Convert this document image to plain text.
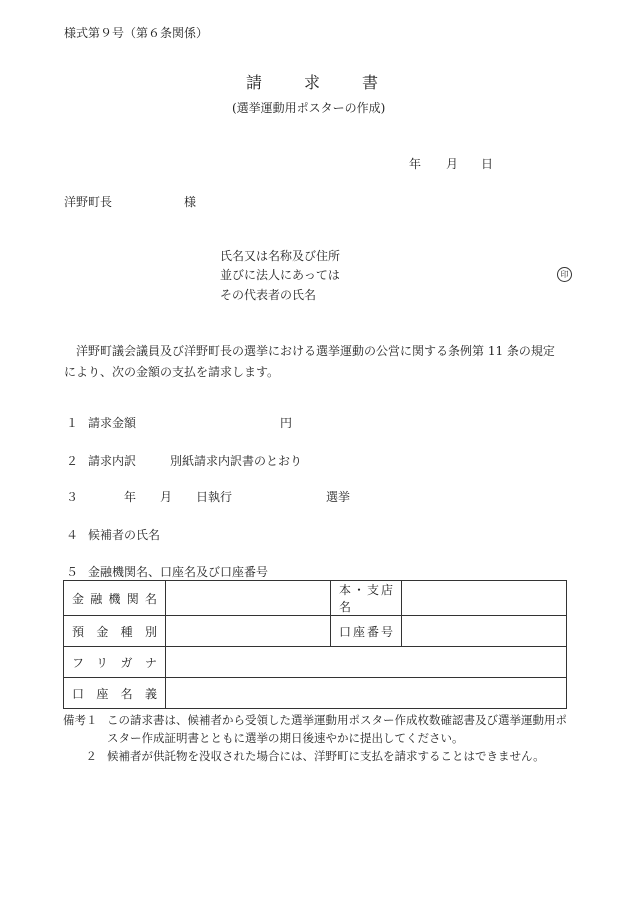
様式第９号（第６条関係）
請	求	書
(選挙運動用ポスターの作成)
年 月 日
洋野町長	様
氏名又は名称及び住所
並びに法人にあっては
その代表者の氏名
印
洋野町議会議員及び洋野町長の選挙における選挙運動の公営に関する条例第 11 条の規定により、次の金額の支払を請求します。
１ 請求金額	円
２ 請求内訳	別紙請求内訳書のとおり
３	年 月 日執行	選挙
４ 候補者の氏名
５ 金融機関名、口座名及び口座番号
金融機関名		本・支店名	
預金種別		口座番号	
フリガナ			
口座名義			
備考１ この請求書は、候補者から受領した選挙運動用ポスター作成枚数確認書及び選挙運動用ポスター作成証明書とともに選挙の期日後速やかに提出してください。
２ 候補者が供託物を没収された場合には、洋野町に支払を請求することはできません。
